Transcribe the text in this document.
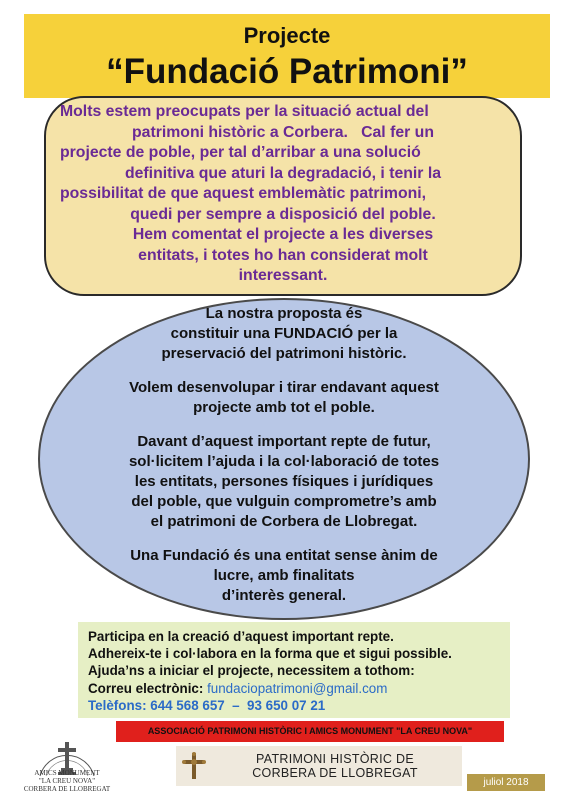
Projecte
“Fundació Patrimoni”

Molts estem preocupats per la situació actual del

patrimoni històric a Corbera.   Cal fer un

projecte de poble, per tal d’arribar a una solució

definitiva que aturi la degradació, i tenir la

possibilitat de que aquest emblemàtic patrimoni,

quedi per sempre a disposició del poble.

Hem comentat el projecte a les diverses

entitats, i totes ho han considerat molt

interessant.

La nostra proposta és
constituir una FUNDACIÓ per la
preservació del patrimoni històric.

Volem desenvolupar i tirar endavant aquest
projecte amb tot el poble.

Davant d’aquest important repte de futur,
sol·licitem l’ajuda i la col·laboració de totes
les entitats, persones físiques i jurídiques
del poble, que vulguin comprometre’s amb
el patrimoni de Corbera de Llobregat.

Una Fundació és una entitat sense ànim de
lucre, amb finalitats
d’interès general.

Participa en la creació d’aquest important repte.

Adhereix-te i col·labora en la forma que et sigui possible.

Ajuda’ns a iniciar el projecte, necessitem a tothom:

Correu electrònic: fundaciopatrimoni@gmail.com

Telèfons: 644 568 657  –  93 650 07 21

ASSOCIACIÓ PATRIMONI HISTÒRIC I AMICS MONUMENT "LA CREU NOVA"
AMICS MONUMENT
"LA CREU NOVA"
CORBERA DE LLOBREGAT
PATRIMONI HISTÒRIC DE
CORBERA DE LLOBREGAT
juliol 2018
